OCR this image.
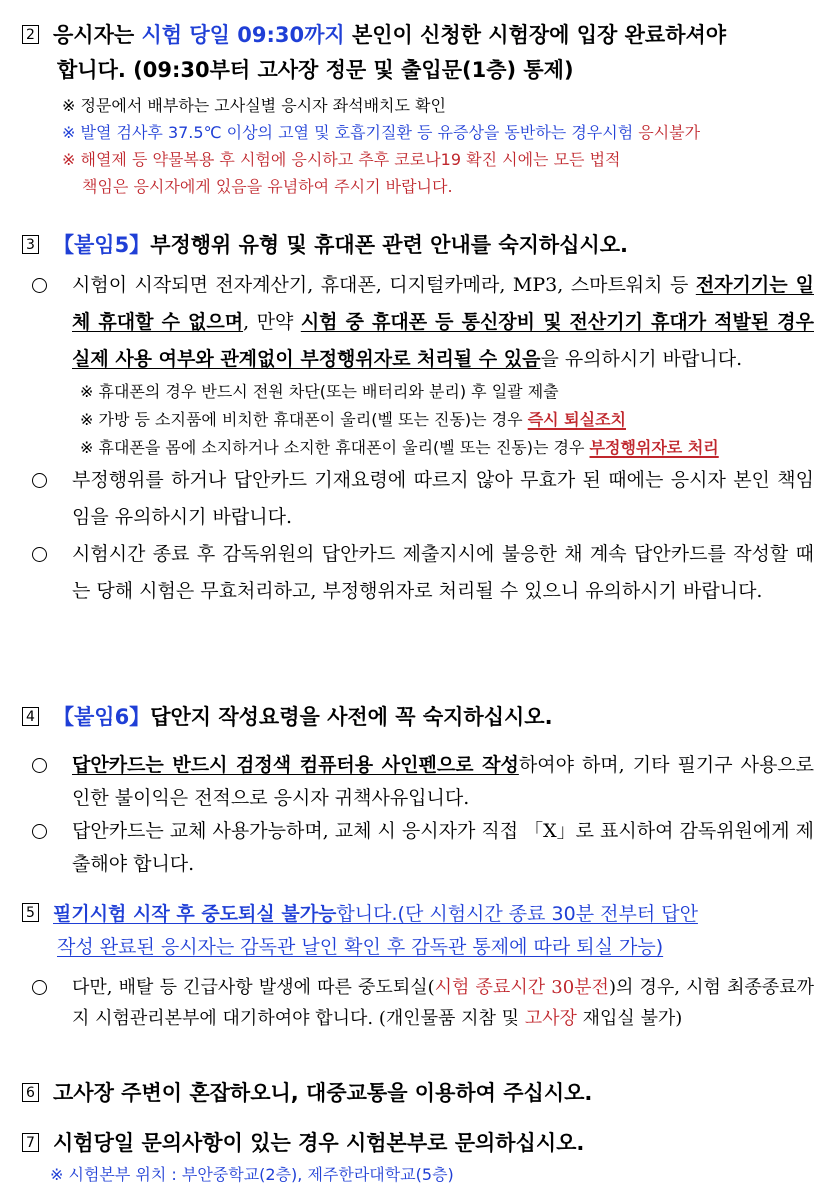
2 응시자는 시험 당일 09:30까지 본인이 신청한 시험장에 입장 완료하셔야
합니다. (09:30부터 고사장 정문 및 출입문(1층) 통제)

※ 정문에서 배부하는 고사실별 응시자 좌석배치도 확인

※ 발열 검사후 37.5℃ 이상의 고열 및 호흡기질환 등 유증상을 동반하는 경우시험 응시불가

※ 해열제 등 약물복용 후 시험에 응시하고 추후 코로나19 확진 시에는 모든 법적
책임은 응시자에게 있음을 유념하여 주시기 바랍니다.

3 【붙임5】부정행위 유형 및 휴대폰 관련 안내를 숙지하십시오.

시험이 시작되면 전자계산기, 휴대폰, 디지털카메라, MP3, 스마트워치 등 전자기기는 일체 휴대할 수 없으며, 만약 시험 중 휴대폰 등 통신장비 및 전산기기 휴대가 적발된 경우 실제 사용 여부와 관계없이 부정행위자로 처리될 수 있음을 유의하시기 바랍니다.

※ 휴대폰의 경우 반드시 전원 차단(또는 배터리와 분리) 후 일괄 제출

※ 가방 등 소지품에 비치한 휴대폰이 울리(벨 또는 진동)는 경우 즉시 퇴실조치

※ 휴대폰을 몸에 소지하거나 소지한 휴대폰이 울리(벨 또는 진동)는 경우 부정행위자로 처리

부정행위를 하거나 답안카드 기재요령에 따르지 않아 무효가 된 때에는 응시자 본인 책임임을 유의하시기 바랍니다.

시험시간 종료 후 감독위원의 답안카드 제출지시에 불응한 채 계속 답안카드를 작성할 때는 당해 시험은 무효처리하고, 부정행위자로 처리될 수 있으니 유의하시기 바랍니다.

4 【붙임6】답안지 작성요령을 사전에 꼭 숙지하십시오.

답안카드는 반드시 검정색 컴퓨터용 사인펜으로 작성하여야 하며, 기타 필기구 사용으로 인한 불이익은 전적으로 응시자 귀책사유입니다.

답안카드는 교체 사용가능하며, 교체 시 응시자가 직접 「X」로 표시하여 감독위원에게 제출해야 합니다.

5 필기시험 시작 후 중도퇴실 불가능합니다.(단 시험시간 종료 30분 전부터 답안
작성 완료된 응시자는 감독관 날인 확인 후 감독관 통제에 따라 퇴실 가능)

다만, 배탈 등 긴급사항 발생에 따른 중도퇴실(시험 종료시간 30분전)의 경우, 시험 최종종료까지 시험관리본부에 대기하여야 합니다. (개인물품 지참 및 고사장 재입실 불가)

6 고사장 주변이 혼잡하오니, 대중교통을 이용하여 주십시오.

7 시험당일 문의사항이 있는 경우 시험본부로 문의하십시오.

※ 시험본부 위치 : 부안중학교(2층), 제주한라대학교(5층)
